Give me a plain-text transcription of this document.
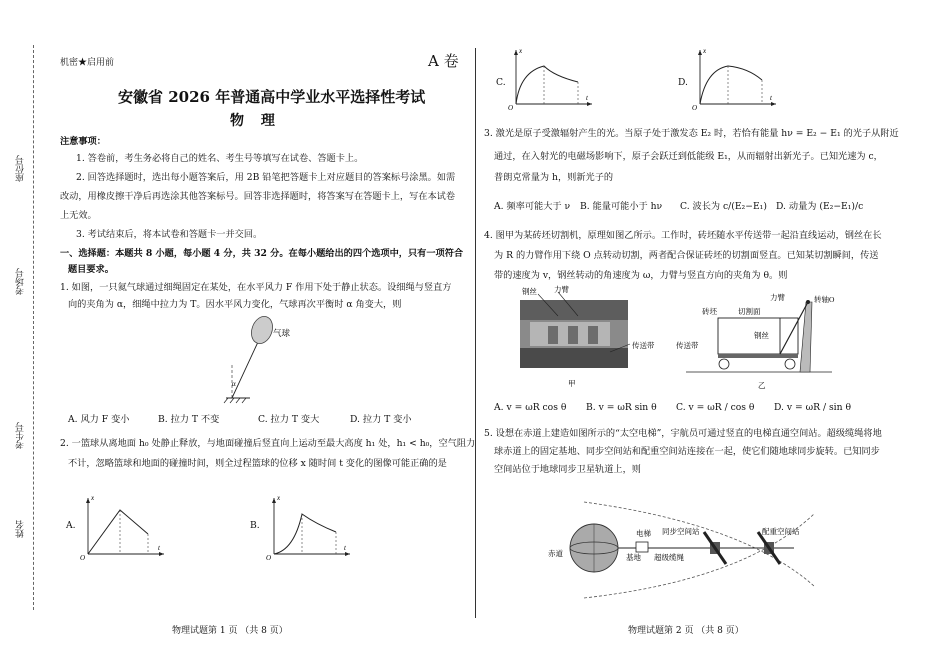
座位号
考场号
考生号
姓名
机密★启用前	A 卷
安徽省 2026 年普通高中学业水平选择性考试
物 理
注意事项：
1. 答卷前，考生务必将自己的姓名、考生号等填写在试卷、答题卡上。
2. 回答选择题时，选出每小题答案后，用 2B 铅笔把答题卡上对应题目的答案标号涂黑。如需
改动，用橡皮擦干净后再选涂其他答案标号。回答非选择题时，将答案写在答题卡上，写在本试卷
上无效。
3. 考试结束后，将本试卷和答题卡一并交回。
一、选择题：本题共 8 小题，每小题 4 分，共 32 分。在每小题给出的四个选项中，只有一项符合
题目要求。
1. 如图，一只氦气球通过细绳固定在某处，在水平风力 F 作用下处于静止状态。设细绳与竖直方
向的夹角为 α，细绳中拉力为 T。因水平风力变化，气球再次平衡时 α 角变大，则
α
气球
A. 风力 F 变小	B. 拉力 T 不变	C. 拉力 T 变大	D. 拉力 T 变小
2. 一篮球从离地面 h₀ 处静止释放，与地面碰撞后竖直向上运动至最大高度 h₁ 处，h₁ < h₀，空气阻力
不计，忽略篮球和地面的碰撞时间，则全过程篮球的位移 x 随时间 t 变化的图像可能正确的是
A.
x
t
O
B.
x
t
O
物理试题第 1 页 （共 8 页）
C.
x
t
O
D.
x
t
O
3. 激光是原子受激辐射产生的光。当原子处于激发态 E₂ 时，若恰有能量 hν = E₂ − E₁ 的光子从附近
通过，在入射光的电磁场影响下，原子会跃迁到低能级 E₁，从而辐射出新光子。已知光速为 c，
普朗克常量为 h，则新光子的
A. 频率可能大于 ν B. 能量可能小于 hν C. 波长为 c/(E₂−E₁) D. 动量为 (E₂−E₁)/c
4. 图甲为某砖坯切割机，原理如图乙所示。工作时，砖坯随水平传送带一起沿直线运动，钢丝在长
为 R 的力臂作用下绕 O 点转动切割，两者配合保证砖坯的切割面竖直。已知某切割瞬间，传送
带的速度为 v，钢丝转动的角速度为 ω，力臂与竖直方向的夹角为 θ。则
钢丝 力臂
传送带
甲
砖坯	切割面
力臂	转轴O
钢丝
传送带
乙
A. v = ωR cos θ B. v = ωR sin θ C. v = ωR / cos θ D. v = ωR / sin θ
5. 设想在赤道上建造如图所示的“太空电梯”，宇航员可通过竖直的电梯直通空间站。超级缆绳将地
球赤道上的固定基地、同步空间站和配重空间站连接在一起，使它们随地球同步旋转。已知同步
空间站位于地球同步卫星轨道上，则
电梯 同步空间站	配重空间站
赤道	基地 超级缆绳
物理试题第 2 页 （共 8 页）
